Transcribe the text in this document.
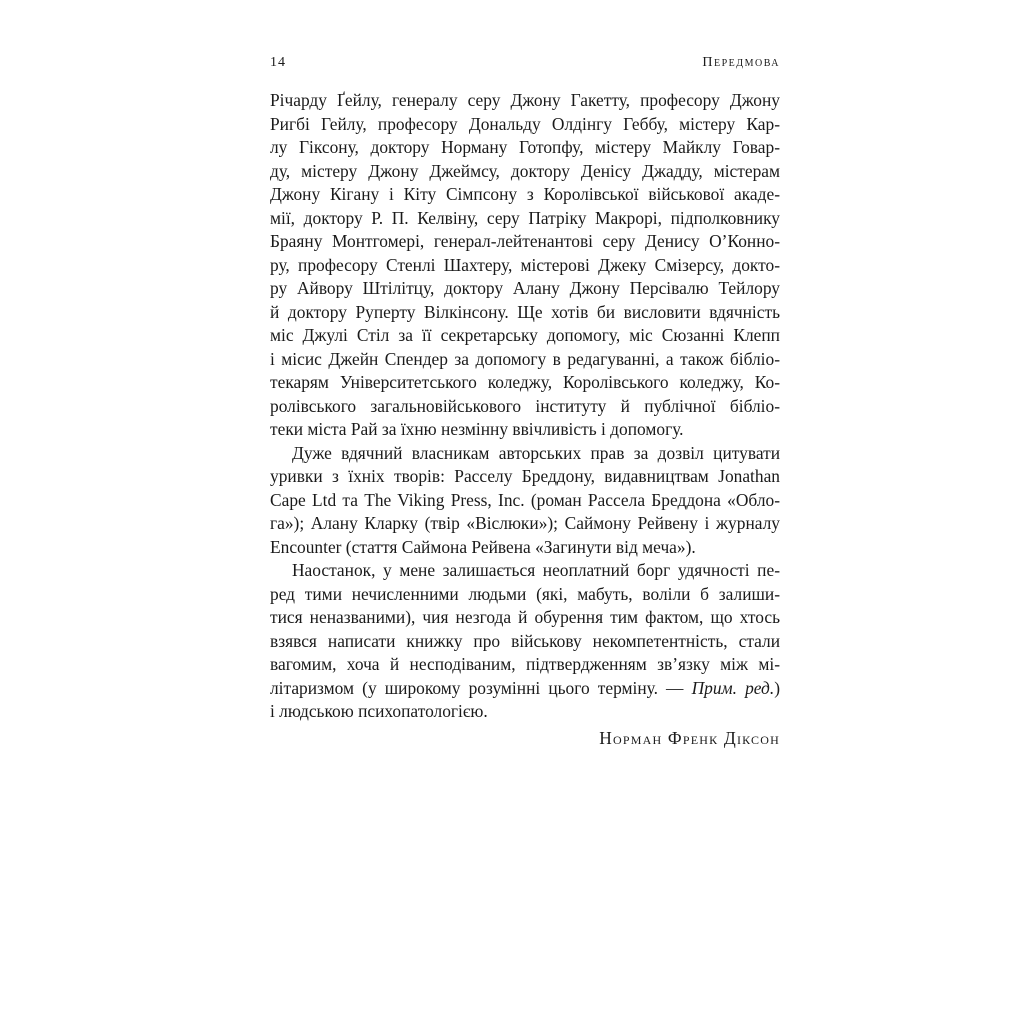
14	Передмова
Річарду Ґейлу, генералу серу Джону Гакетту, професору Джону
Ригбі Гейлу, професору Дональду Олдінгу Геббу, містеру Кар-
лу Гіксону, доктору Норману Готопфу, містеру Майклу Говар-
ду, містеру Джону Джеймсу, доктору Денісу Джадду, містерам
Джону Кігану і Кіту Сімпсону з Королівської військової акаде-
мії, доктору Р. П. Келвіну, серу Патріку Макрорі, підполковнику
Браяну Монтгомері, генерал-лейтенантові серу Денису О’Конно-
ру, професору Стенлі Шахтеру, містерові Джеку Смізерсу, докто-
ру Айвору Штілітцу, доктору Алану Джону Персівалю Тейлору
й доктору Руперту Вілкінсону. Ще хотів би висловити вдячність
міс Джулі Стіл за її секретарську допомогу, міс Сюзанні Клепп
і місис Джейн Спендер за допомогу в редагуванні, а також бібліо-
текарям Університетського коледжу, Королівського коледжу, Ко-
ролівського загальновійськового інституту й публічної бібліо-
теки міста Рай за їхню незмінну ввічливість і допомогу.
Дуже вдячний власникам авторських прав за дозвіл цитувати
уривки з їхніх творів: Расселу Бреддону, видавництвам Jonathan
Cape Ltd та The Viking Press, Inc. (роман Рассела Бреддона «Облo-
га»); Алану Кларку (твір «Віслюки»); Саймону Рейвену і журналу
Encounter (стаття Саймона Рейвена «Загинути від меча»).
Наостанок, у мене залишається неоплатний борг удячності пе-
ред тими нечисленними людьми (які, мабуть, воліли б залиши-
тися неназваними), чия незгода й обурення тим фактом, що хтось
взявся написати книжку про військову некомпетентність, стали
вагомим, хоча й несподіваним, підтвердженням зв’язку між мі-
літаризмом (у широкому розумінні цього терміну. — Прим. ред.)
і людською психопатологією.
Норман Френк Діксон
